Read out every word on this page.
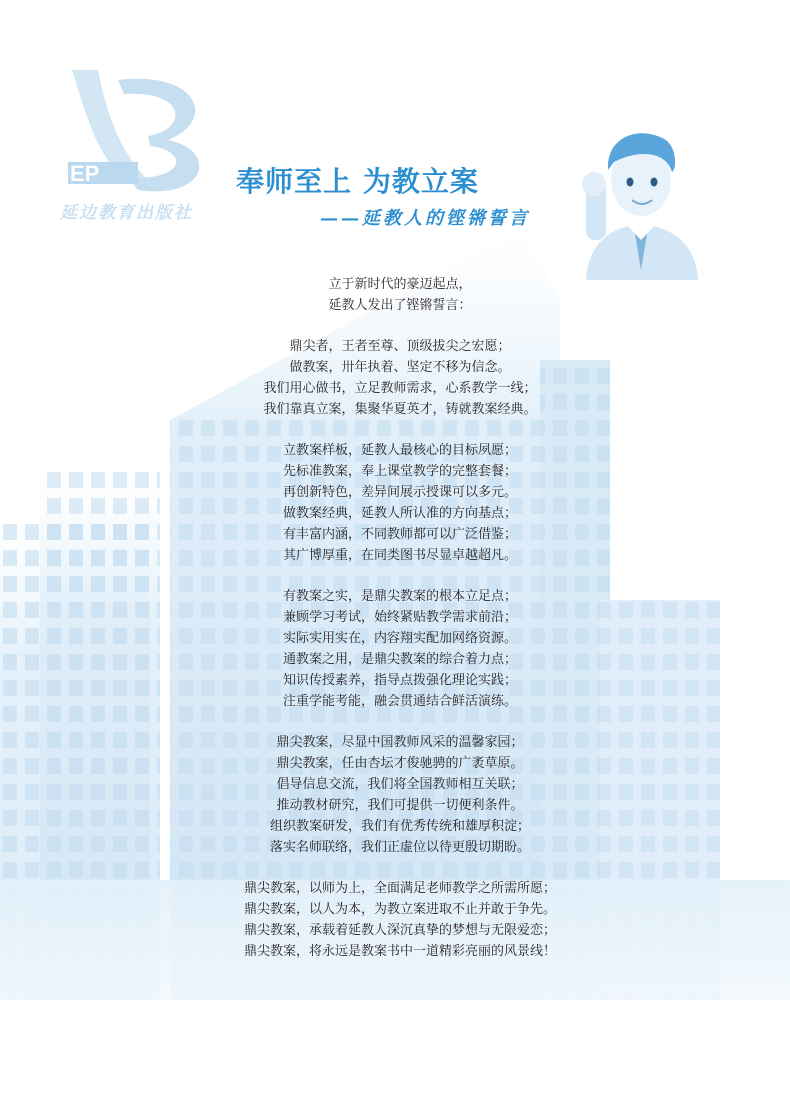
EP
延边教育出版社
奉师至上 为教立案
——延教人的铿锵誓言
立于新时代的豪迈起点，
延教人发出了铿锵誓言：
鼎尖者，王者至尊、顶级拔尖之宏愿；
做教案，卅年执着、坚定不移为信念。
我们用心做书，立足教师需求，心系教学一线；
我们靠真立案，集聚华夏英才，铸就教案经典。
立教案样板，延教人最核心的目标夙愿；
先标准教案，奉上课堂教学的完整套餐；
再创新特色，差异间展示授课可以多元。
做教案经典，延教人所认准的方向基点；
有丰富内涵，不同教师都可以广泛借鉴；
其广博厚重，在同类图书尽显卓越超凡。
有教案之实，是鼎尖教案的根本立足点；
兼顾学习考试，始终紧贴教学需求前沿；
实际实用实在，内容翔实配加网络资源。
通教案之用，是鼎尖教案的综合着力点；
知识传授素养，指导点拨强化理论实践；
注重学能考能，融会贯通结合鲜活演练。
鼎尖教案，尽显中国教师风采的温馨家园；
鼎尖教案，任由杏坛才俊驰骋的广袤草原。
倡导信息交流，我们将全国教师相互关联；
推动教材研究，我们可提供一切便利条件。
组织教案研发，我们有优秀传统和雄厚积淀；
落实名师联络，我们正虚位以待更殷切期盼。
鼎尖教案，以师为上，全面满足老师教学之所需所愿；
鼎尖教案，以人为本，为教立案进取不止并敢于争先。
鼎尖教案，承载着延教人深沉真挚的梦想与无限爱恋；
鼎尖教案，将永远是教案书中一道精彩亮丽的风景线！
